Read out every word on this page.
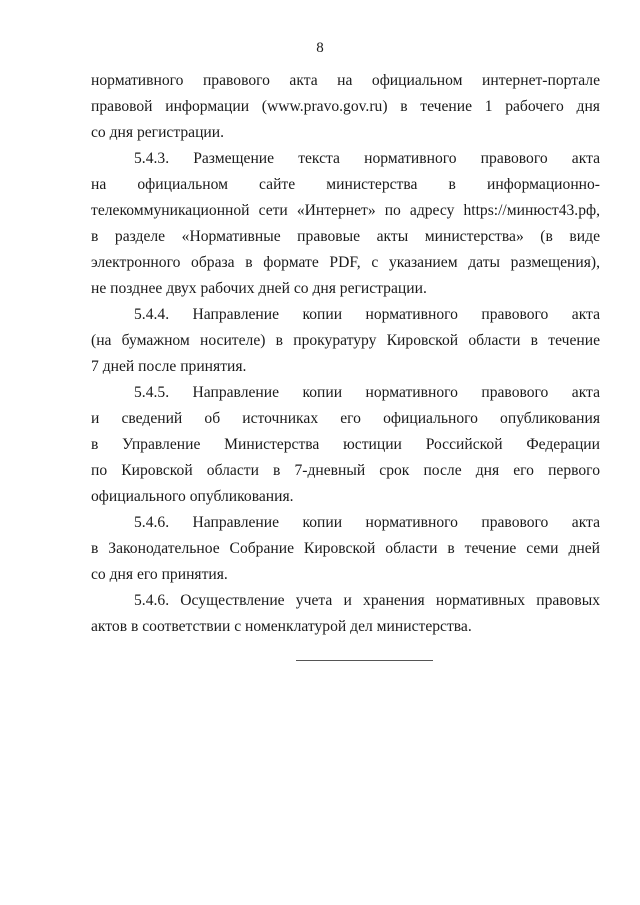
8

нормативного правового акта на официальном интернет-портале
правовой информации (www.pravo.gov.ru) в течение 1 рабочего дня
со дня регистрации.

5.4.3. Размещение текста нормативного правового акта
на официальном сайте министерства в информационно-
телекоммуникационной сети «Интернет» по адресу https://минюст43.рф,
в разделе «Нормативные правовые акты министерства» (в виде
электронного образа в формате PDF, с указанием даты размещения),
не позднее двух рабочих дней со дня регистрации.

5.4.4. Направление копии нормативного правового акта
(на бумажном носителе) в прокуратуру Кировской области в течение
7 дней после принятия.

5.4.5. Направление копии нормативного правового акта
и сведений об источниках его официального опубликования
в Управление Министерства юстиции Российской Федерации
по Кировской области в 7-дневный срок после дня его первого
официального опубликования.

5.4.6. Направление копии нормативного правового акта
в Законодательное Собрание Кировской области в течение семи дней
со дня его принятия.

5.4.6. Осуществление учета и хранения нормативных правовых
актов в соответствии с номенклатурой дел министерства.
